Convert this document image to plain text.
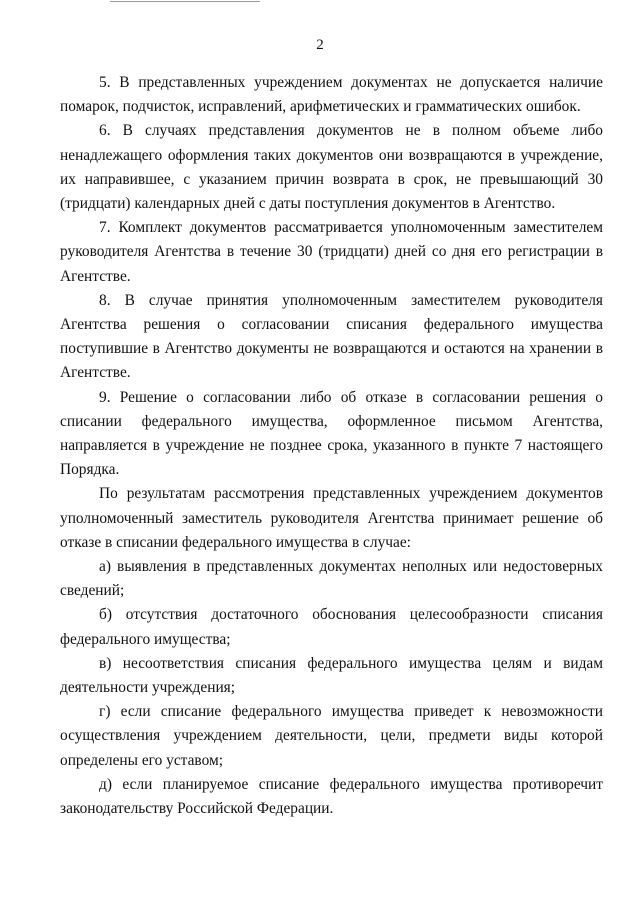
2

5. В представленных учреждением документах не допускается наличие помарок, подчисток, исправлений, арифметических и грамматических ошибок.

6. В случаях представления документов не в полном объеме либо ненадлежащего оформления таких документов они возвращаются в учреждение, их направившее, с указанием причин возврата в срок, не превышающий 30 (тридцати) календарных дней с даты поступления документов в Агентство.

7. Комплект документов рассматривается уполномоченным заместителем руководителя Агентства в течение 30 (тридцати) дней со дня его регистрации в Агентстве.

8. В случае принятия уполномоченным заместителем руководителя Агентства решения о согласовании списания федерального имущества поступившие в Агентство документы не возвращаются и остаются на хранении в Агентстве.

9. Решение о согласовании либо об отказе в согласовании решения о списании федерального имущества, оформленное письмом Агентства, направляется в учреждение не позднее срока, указанного в пункте 7 настоящего Порядка.

По результатам рассмотрения представленных учреждением документов уполномоченный заместитель руководителя Агентства принимает решение об отказе в списании федерального имущества в случае:

а) выявления в представленных документах неполных или недостоверных сведений;

б) отсутствия достаточного обоснования целесообразности списания федерального имущества;

в) несоответствия списания федерального имущества целям и видам деятельности учреждения;

г) если списание федерального имущества приведет к невозможности осуществления учреждением деятельности, цели, предмети виды которой определены его уставом;

д) если планируемое списание федерального имущества противоречит законодательству Российской Федерации.
